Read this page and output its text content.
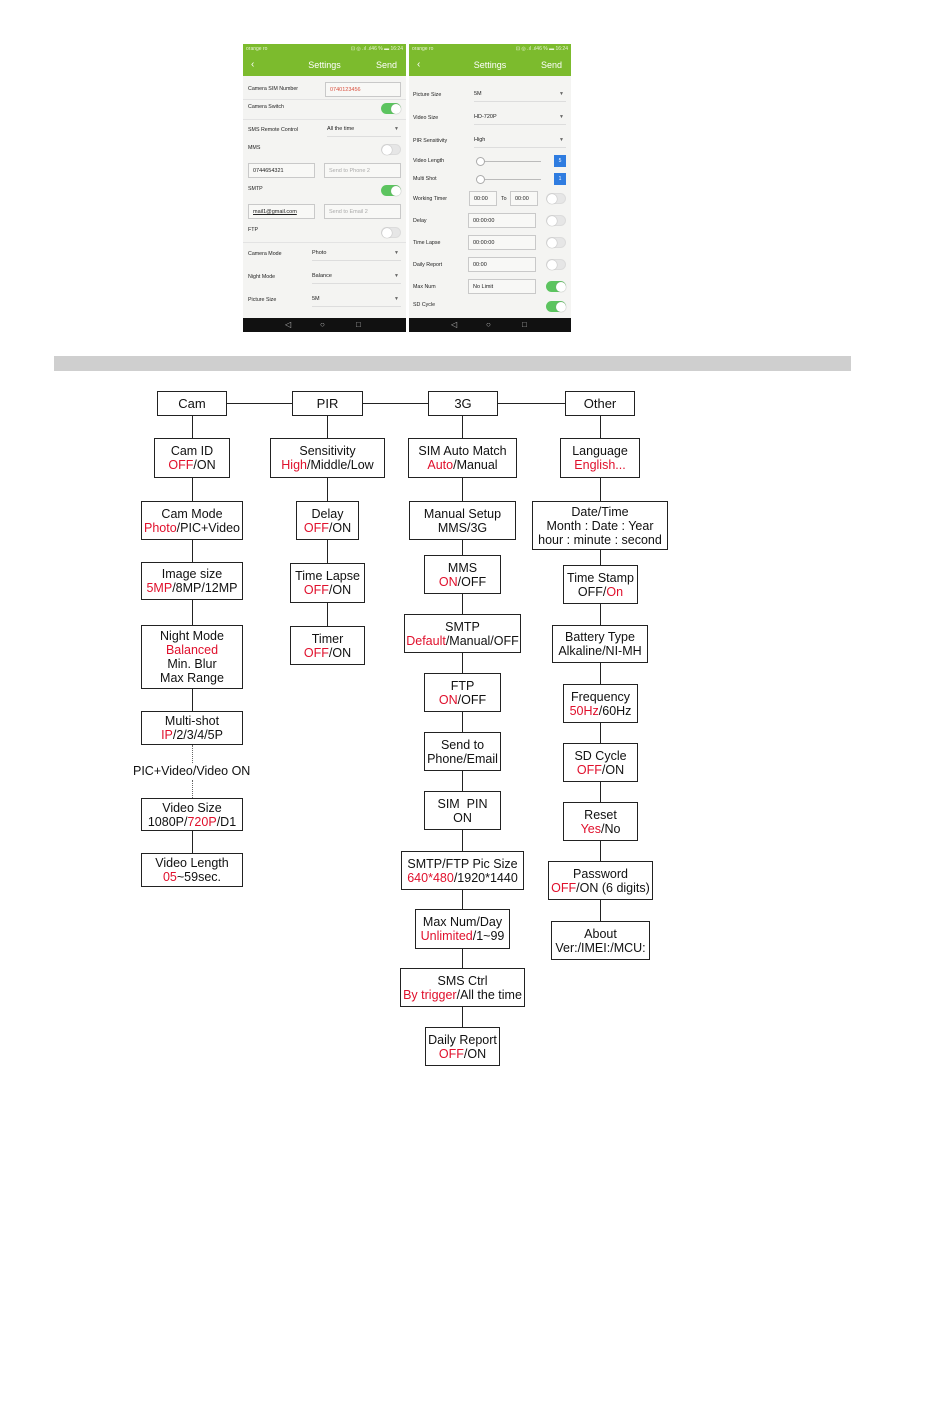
orange ro	⊡ ◎ .ıl .ıl46 % ▬ 16:24
‹	Settings	Send
Camera SIM Number	0740123456
Camera Switch
SMS Remote Control	All the time	▼
MMS
0744654321	Send to Phone 2
SMTP
mail1@gmail.com	Send to Email 2
FTP
Camera Mode	Photo	▼
Night Mode	Balance	▼
Picture Size	5M	▼
◁	○	□
orange ro	⊡ ◎ .ıl .ıl46 % ▬ 16:24
‹	Settings	Send
Picture Size	5M	▼
Video Size	HD-720P	▼
PIR Sensitivity	High	▼
Video Length	5
Multi Shot	1
Working Timer	00:00	To	00:00
Delay	00:00:00
Time Lapse	00:00:00
Daily Report	00:00
Max Num	No Limit
SD Cycle
◁	○	□
Cam	PIR	3G	Other
Cam ID
OFF/ON
Cam Mode
Photo/PIC+Video
Image size
5MP/8MP/12MP
Night Mode
Balanced
Min. Blur
Max Range
Multi-shot
IP/2/3/4/5P
PIC+Video/Video ON
Video Size
1080P/720P/D1
Video Length
05~59sec.
Sensitivity
High/Middle/Low
Delay
OFF/ON
Time Lapse
OFF/ON
Timer
OFF/ON
SIM Auto Match
Auto/Manual
Manual Setup
MMS/3G
MMS
ON/OFF
SMTP
Default/Manual/OFF
FTP
ON/OFF
Send to
Phone/Email
SIM  PIN
ON
SMTP/FTP Pic Size
640*480/1920*1440
Max Num/Day
Unlimited/1~99
SMS Ctrl
By trigger/All the time
Daily Report
OFF/ON
Language
English...
Date/Time
Month : Date : Year
hour : minute : second
Time Stamp
OFF/On
Battery Type
Alkaline/NI-MH
Frequency
50Hz/60Hz
SD Cycle
OFF/ON
Reset
Yes/No
Password
OFF/ON (6 digits)
About
Ver:/IMEI:/MCU:
